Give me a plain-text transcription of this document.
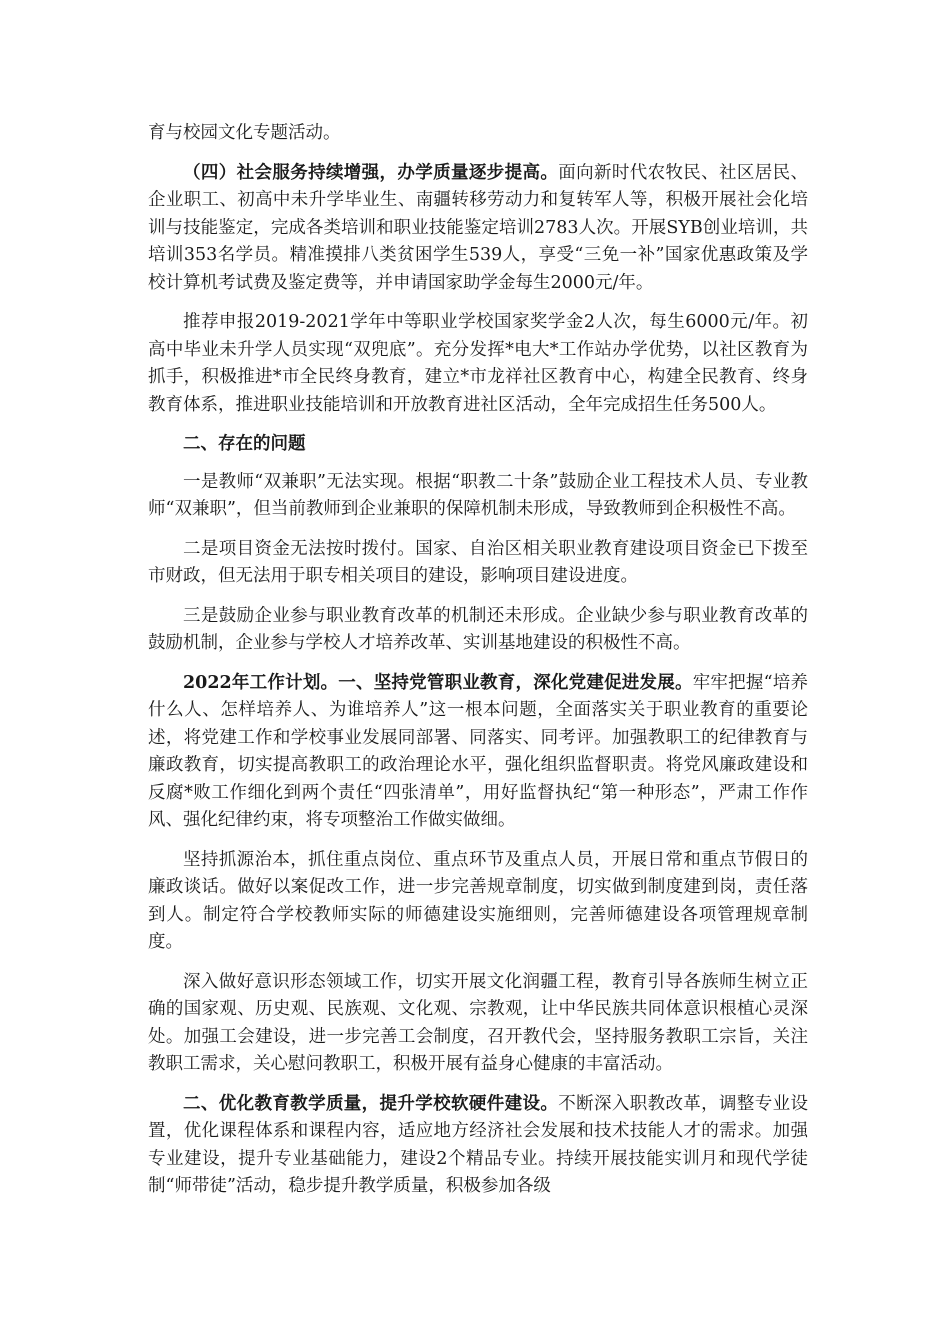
育与校园文化专题活动。

（四）社会服务持续增强，办学质量逐步提高。面向新时代农牧民、社区居民、企业职工、初高中未升学毕业生、南疆转移劳动力和复转军人等，积极开展社会化培训与技能鉴定，完成各类培训和职业技能鉴定培训2783人次。开展SYB创业培训，共培训353名学员。精准摸排八类贫困学生539人，享受“三免一补”国家优惠政策及学校计算机考试费及鉴定费等，并申请国家助学金每生2000元/年。

推荐申报2019-2021学年中等职业学校国家奖学金2人次，每生6000元/年。初高中毕业未升学人员实现“双兜底”。充分发挥*电大*工作站办学优势，以社区教育为抓手，积极推进*市全民终身教育，建立*市龙祥社区教育中心，构建全民教育、终身教育体系，推进职业技能培训和开放教育进社区活动，全年完成招生任务500人。

二、存在的问题

一是教师“双兼职”无法实现。根据“职教二十条”鼓励企业工程技术人员、专业教师“双兼职”，但当前教师到企业兼职的保障机制未形成，导致教师到企积极性不高。

二是项目资金无法按时拨付。国家、自治区相关职业教育建设项目资金已下拨至市财政，但无法用于职专相关项目的建设，影响项目建设进度。

三是鼓励企业参与职业教育改革的机制还未形成。企业缺少参与职业教育改革的鼓励机制，企业参与学校人才培养改革、实训基地建设的积极性不高。

2022年工作计划。一、坚持党管职业教育，深化党建促进发展。牢牢把握“培养什么人、怎样培养人、为谁培养人”这一根本问题，全面落实关于职业教育的重要论述，将党建工作和学校事业发展同部署、同落实、同考评。加强教职工的纪律教育与廉政教育，切实提高教职工的政治理论水平，强化组织监督职责。将党风廉政建设和反腐*败工作细化到两个责任“四张清单”，用好监督执纪“第一种形态”，严肃工作作风、强化纪律约束，将专项整治工作做实做细。

坚持抓源治本，抓住重点岗位、重点环节及重点人员，开展日常和重点节假日的廉政谈话。做好以案促改工作，进一步完善规章制度，切实做到制度建到岗，责任落到人。制定符合学校教师实际的师德建设实施细则，完善师德建设各项管理规章制度。

深入做好意识形态领域工作，切实开展文化润疆工程，教育引导各族师生树立正确的国家观、历史观、民族观、文化观、宗教观，让中华民族共同体意识根植心灵深处。加强工会建设，进一步完善工会制度，召开教代会，坚持服务教职工宗旨，关注教职工需求，关心慰问教职工，积极开展有益身心健康的丰富活动。

二、优化教育教学质量，提升学校软硬件建设。不断深入职教改革，调整专业设置，优化课程体系和课程内容，适应地方经济社会发展和技术技能人才的需求。加强专业建设，提升专业基础能力，建设2个精品专业。持续开展技能实训月和现代学徒制“师带徒”活动，稳步提升教学质量，积极参加各级
